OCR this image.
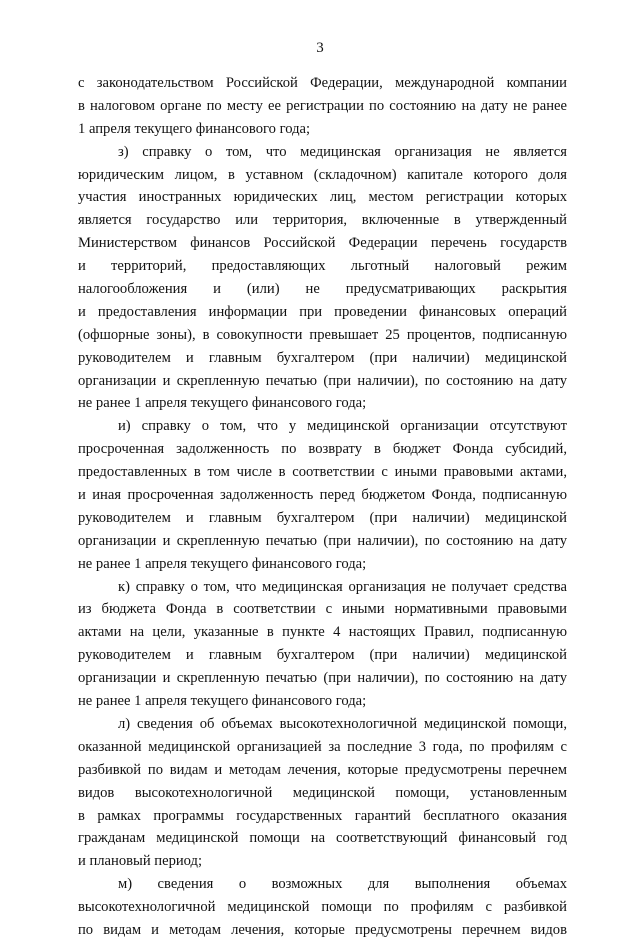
3
с законодательством Российской Федерации, международной компании
в налоговом органе по месту ее регистрации по состоянию на дату не ранее
1 апреля текущего финансового года;
з) справку о том, что медицинская организация не является
юридическим лицом, в уставном (складочном) капитале которого доля
участия иностранных юридических лиц, местом регистрации которых
является государство или территория, включенные в утвержденный
Министерством финансов Российской Федерации перечень государств
и территорий, предоставляющих льготный налоговый режим
налогообложения и (или) не предусматривающих раскрытия
и предоставления информации при проведении финансовых операций
(офшорные зоны), в совокупности превышает 25 процентов, подписанную
руководителем и главным бухгалтером (при наличии) медицинской
организации и скрепленную печатью (при наличии), по состоянию на дату
не ранее 1 апреля текущего финансового года;
и) справку о том, что у медицинской организации отсутствуют
просроченная задолженность по возврату в бюджет Фонда субсидий,
предоставленных в том числе в соответствии с иными правовыми актами,
и иная просроченная задолженность перед бюджетом Фонда, подписанную
руководителем и главным бухгалтером (при наличии) медицинской
организации и скрепленную печатью (при наличии), по состоянию на дату
не ранее 1 апреля текущего финансового года;
к) справку о том, что медицинская организация не получает средства
из бюджета Фонда в соответствии с иными нормативными правовыми
актами на цели, указанные в пункте 4 настоящих Правил, подписанную
руководителем и главным бухгалтером (при наличии) медицинской
организации и скрепленную печатью (при наличии), по состоянию на дату
не ранее 1 апреля текущего финансового года;
л) сведения об объемах высокотехнологичной медицинской помощи,
оказанной медицинской организацией за последние 3 года, по профилям с
разбивкой по видам и методам лечения, которые предусмотрены перечнем
видов высокотехнологичной медицинской помощи, установленным
в рамках программы государственных гарантий бесплатного оказания
гражданам медицинской помощи на соответствующий финансовый год
и плановый период;
м) сведения о возможных для выполнения объемах
высокотехнологичной медицинской помощи по профилям с разбивкой
по видам и методам лечения, которые предусмотрены перечнем видов
